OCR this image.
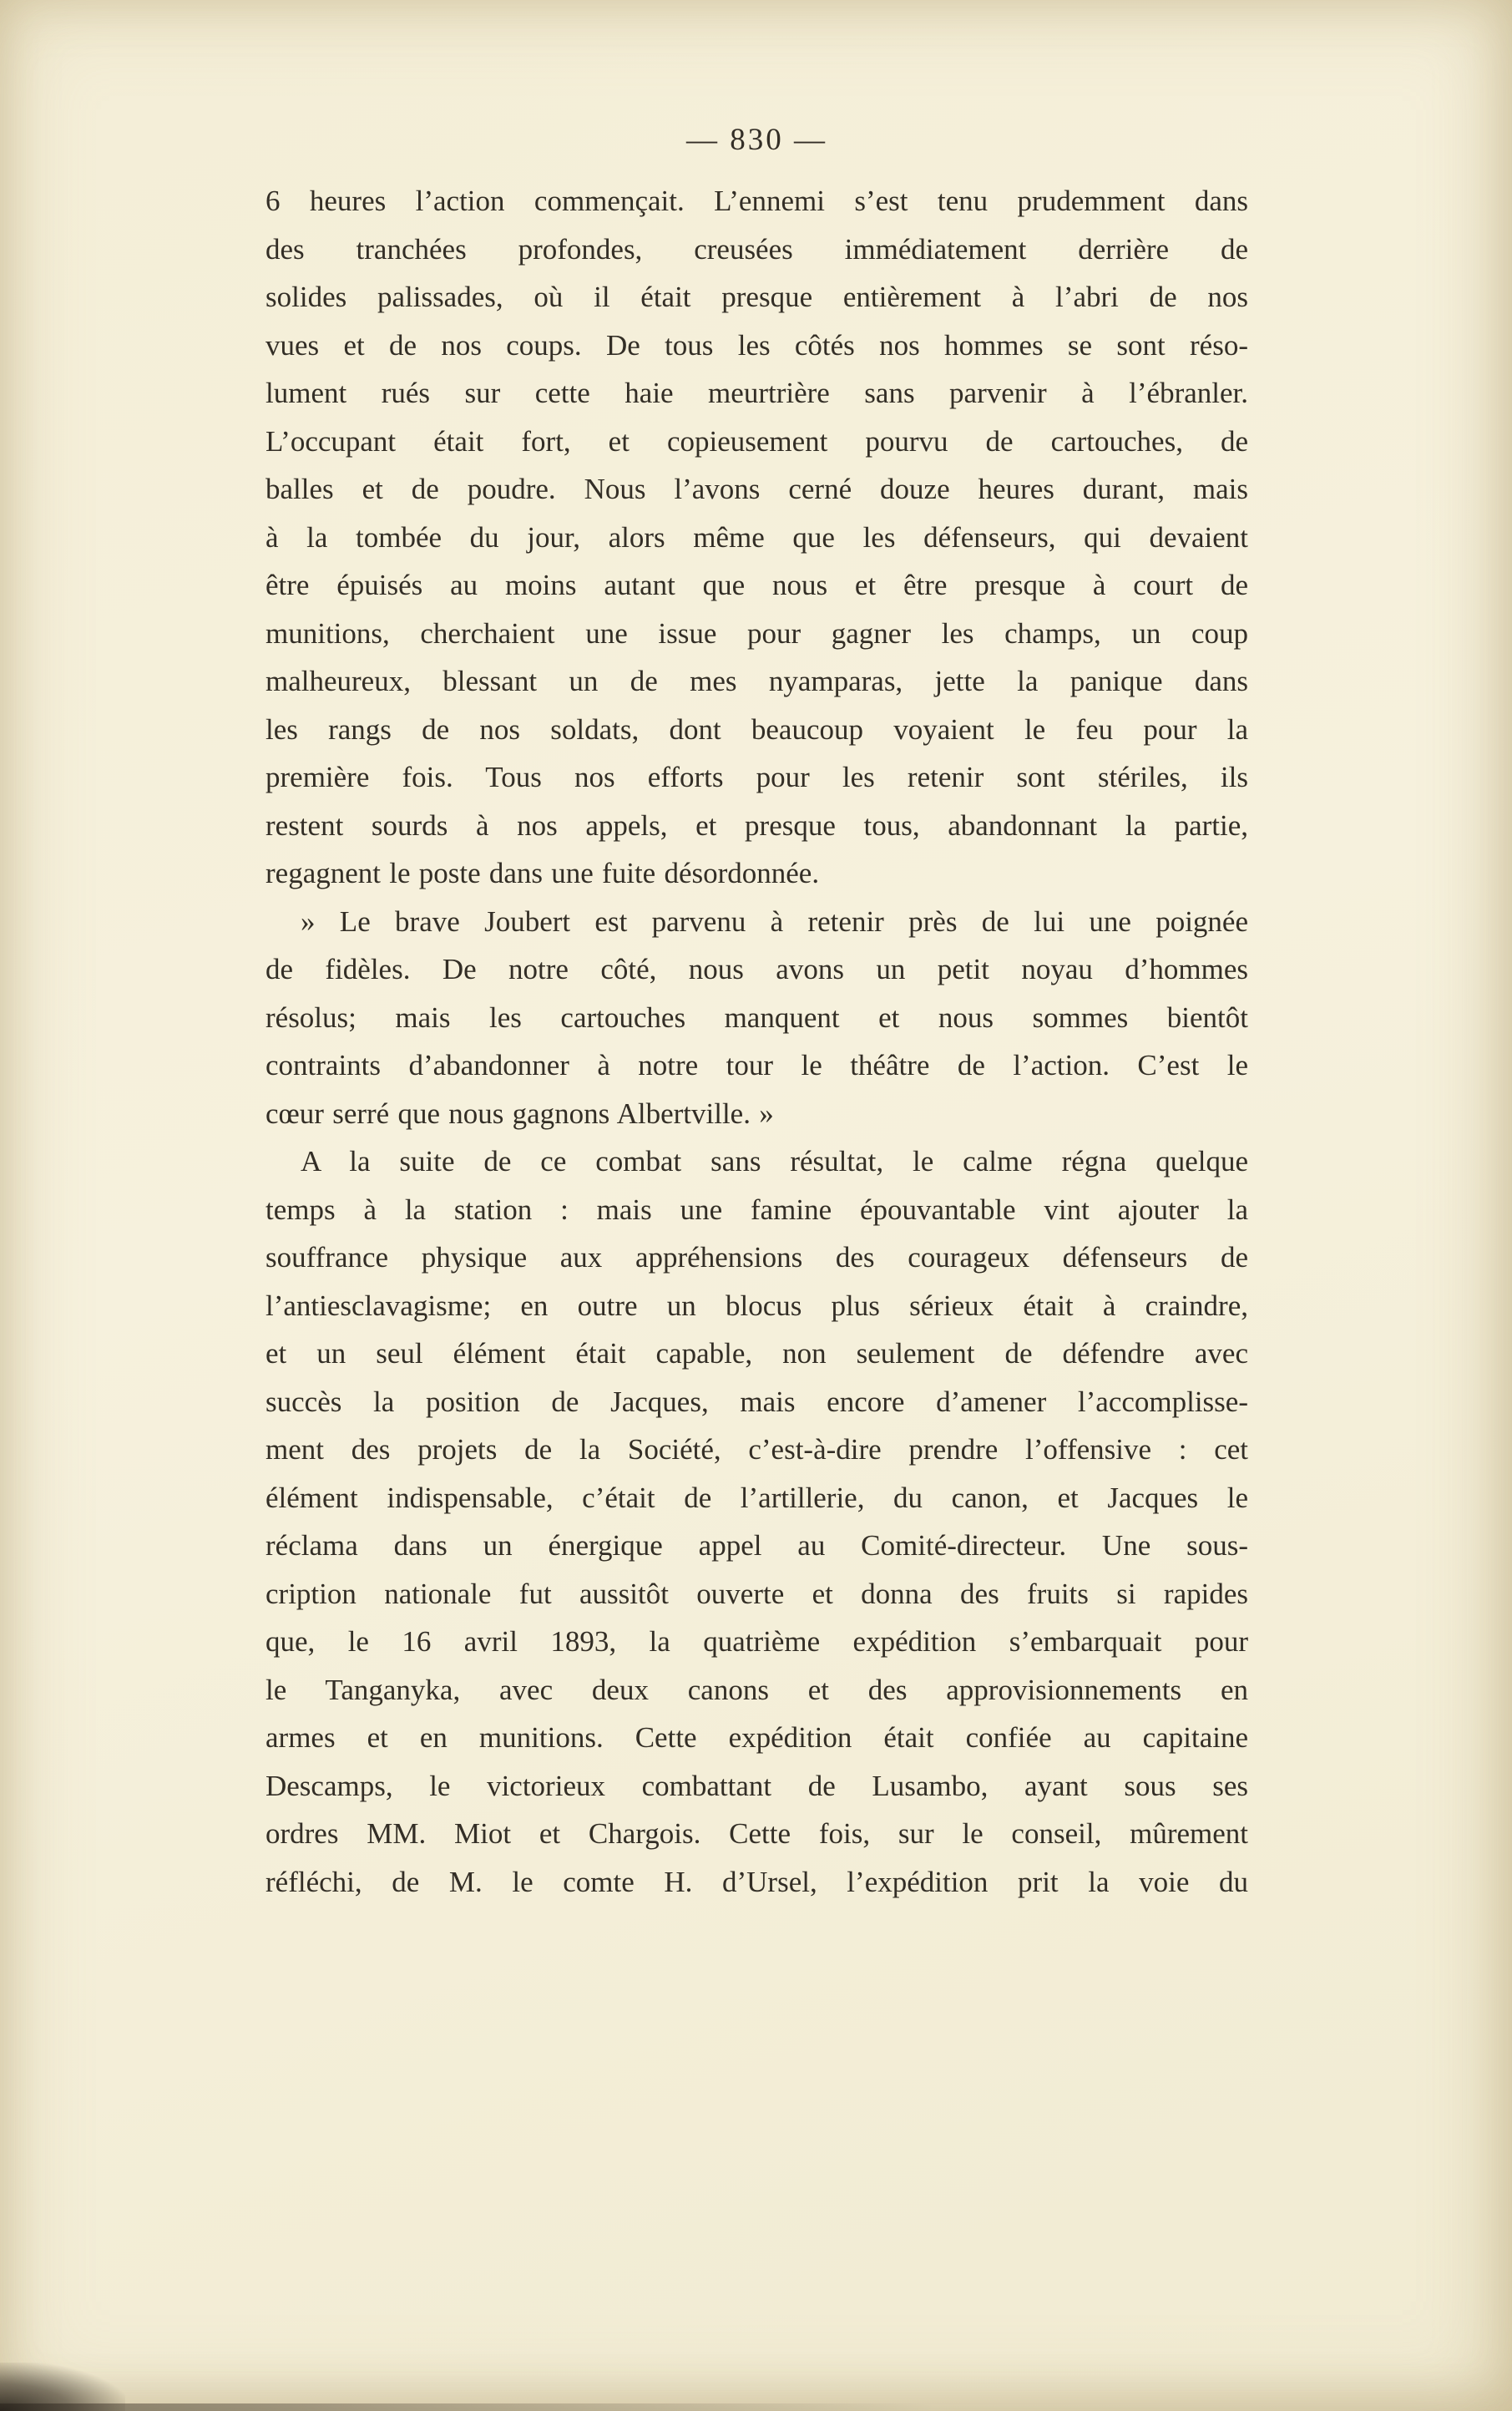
— 830 —

6 heures l’action commençait. L’ennemi s’est tenu prudemment dans
des tranchées profondes, creusées immédiatement derrière de
solides palissades, où il était presque entièrement à l’abri de nos
vues et de nos coups. De tous les côtés nos hommes se sont réso-
lument rués sur cette haie meurtrière sans parvenir à l’ébranler.
L’occupant était fort, et copieusement pourvu de cartouches, de
balles et de poudre. Nous l’avons cerné douze heures durant, mais
à la tombée du jour, alors même que les défenseurs, qui devaient
être épuisés au moins autant que nous et être presque à court de
munitions, cherchaient une issue pour gagner les champs, un coup
malheureux, blessant un de mes nyamparas, jette la panique dans
les rangs de nos soldats, dont beaucoup voyaient le feu pour la
première fois. Tous nos efforts pour les retenir sont stériles, ils
restent sourds à nos appels, et presque tous, abandonnant la partie,
regagnent le poste dans une fuite désordonnée.

» Le brave Joubert est parvenu à retenir près de lui une poignée
de fidèles. De notre côté, nous avons un petit noyau d’hommes
résolus; mais les cartouches manquent et nous sommes bientôt
contraints d’abandonner à notre tour le théâtre de l’action. C’est le
cœur serré que nous gagnons Albertville. »

A la suite de ce combat sans résultat, le calme régna quelque
temps à la station : mais une famine épouvantable vint ajouter la
souffrance physique aux appréhensions des courageux défenseurs de
l’antiesclavagisme; en outre un blocus plus sérieux était à craindre,
et un seul élément était capable, non seulement de défendre avec
succès la position de Jacques, mais encore d’amener l’accomplisse-
ment des projets de la Société, c’est-à-dire prendre l’offensive : cet
élément indispensable, c’était de l’artillerie, du canon, et Jacques le
réclama dans un énergique appel au Comité-directeur. Une sous-
cription nationale fut aussitôt ouverte et donna des fruits si rapides
que, le 16 avril 1893, la quatrième expédition s’embarquait pour
le Tanganyka, avec deux canons et des approvisionnements en
armes et en munitions. Cette expédition était confiée au capitaine
Descamps, le victorieux combattant de Lusambo, ayant sous ses
ordres MM. Miot et Chargois. Cette fois, sur le conseil, mûrement
réfléchi, de M. le comte H. d’Ursel, l’expédition prit la voie du
